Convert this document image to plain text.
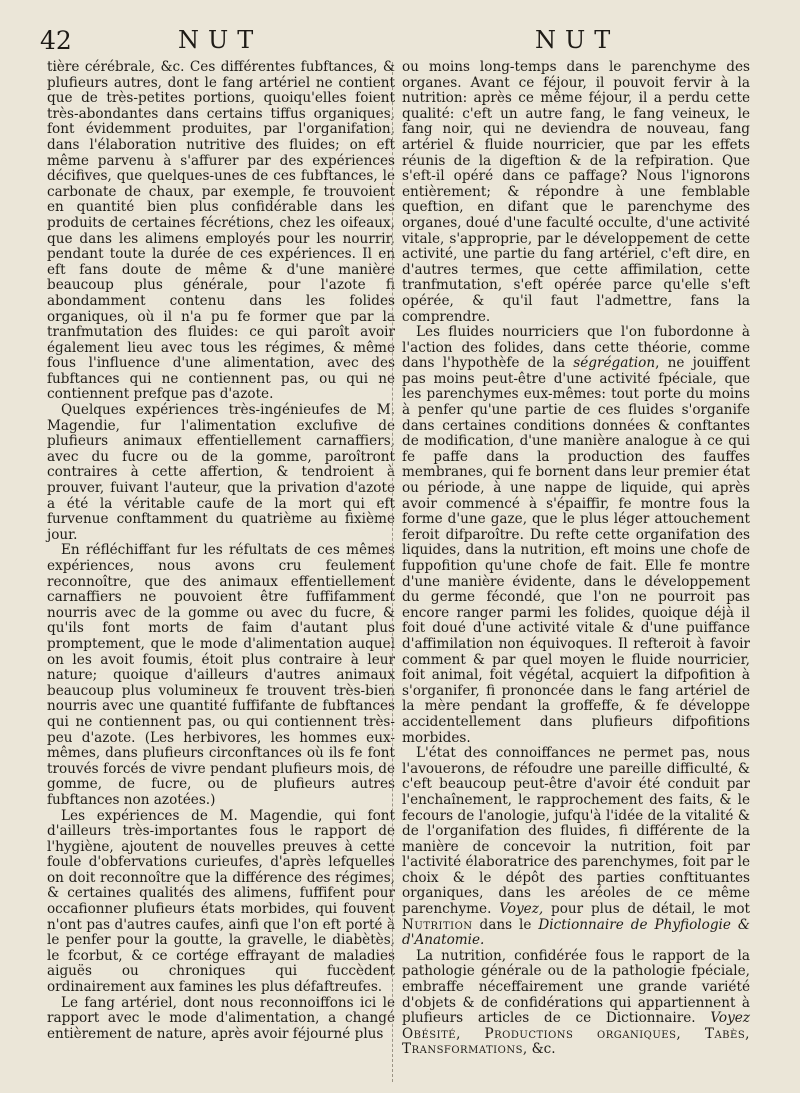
42	NUT	NUT

tière cérébrale, &c. Ces différentes fubftances, & plufieurs autres, dont le fang artériel ne contient que de très-petites portions, quoiqu'elles foient très-abondantes dans certains tiffus organiques, font évidemment produites, par l'organifation, dans l'élaboration nutritive des fluides; on eft même parvenu à s'affurer par des expériences décifives, que quelques-unes de ces fubftances, le carbonate de chaux, par exemple, fe trouvoient en quantité bien plus confidérable dans les produits de certaines fécrétions, chez les oifeaux, que dans les alimens employés pour les nourrir, pendant toute la durée de ces expériences. Il en eft fans doute de même & d'une manière beaucoup plus générale, pour l'azote fi abondamment contenu dans les folides organiques, où il n'a pu fe former que par la tranfmutation des fluides: ce qui paroît avoir également lieu avec tous les régimes, & même fous l'influence d'une alimentation, avec des fubftances qui ne contiennent pas, ou qui ne contiennent prefque pas d'azote.

Quelques expériences très-ingénieufes de M. Magendie, fur l'alimentation exclufive de plufieurs animaux effentiellement carnaffiers, avec du fucre ou de la gomme, paroîtront contraires à cette affertion, & tendroient à prouver, fuivant l'auteur, que la privation d'azote a été la véritable caufe de la mort qui eft furvenue conftamment du quatrième au fixième jour.

En réfléchiffant fur les réfultats de ces mêmes expériences, nous avons cru feulement reconnoître, que des animaux effentiellement carnaffiers ne pouvoient être fuffifamment nourris avec de la gomme ou avec du fucre, & qu'ils font morts de faim d'autant plus promptement, que le mode d'alimentation auquel on les avoit foumis, étoit plus contraire à leur nature; quoique d'ailleurs d'autres animaux beaucoup plus volumineux fe trouvent très-bien nourris avec une quantité fuffifante de fubftances qui ne contiennent pas, ou qui contiennent très-peu d'azote. (Les herbivores, les hommes eux-mêmes, dans plufieurs circonftances où ils fe font trouvés forcés de vivre pendant plufieurs mois, de gomme, de fucre, ou de plufieurs autres fubftances non azotées.)

Les expériences de M. Magendie, qui font d'ailleurs très-importantes fous le rapport de l'hygiène, ajoutent de nouvelles preuves à cette foule d'obfervations curieufes, d'après lefquelles on doit reconnoître que la différence des régimes, & certaines qualités des alimens, fuffifent pour occafionner plufieurs états morbides, qui fouvent n'ont pas d'autres caufes, ainfi que l'on eft porté à le penfer pour la goutte, la gravelle, le diabètès, le fcorbut, & ce cortége effrayant de maladies aiguës ou chroniques qui fuccèdent ordinairement aux famines les plus défaftreufes.

Le fang artériel, dont nous reconnoiffons ici le rapport avec le mode d'alimentation, a changé entièrement de nature, après avoir féjourné plus

ou moins long-temps dans le parenchyme des organes. Avant ce féjour, il pouvoit fervir à la nutrition: après ce même féjour, il a perdu cette qualité: c'eft un autre fang, le fang veineux, le fang noir, qui ne deviendra de nouveau, fang artériel & fluide nourricier, que par les effets réunis de la digeftion & de la refpiration. Que s'eft-il opéré dans ce paffage? Nous l'ignorons entièrement; & répondre à une femblable queftion, en difant que le parenchyme des organes, doué d'une faculté occulte, d'une activité vitale, s'approprie, par le développement de cette activité, une partie du fang artériel, c'eft dire, en d'autres termes, que cette affimilation, cette tranfmutation, s'eft opérée parce qu'elle s'eft opérée, & qu'il faut l'admettre, fans la comprendre.

Les fluides nourriciers que l'on fubordonne à l'action des folides, dans cette théorie, comme dans l'hypothèfe de la ségrégation, ne jouiffent pas moins peut-être d'une activité fpéciale, que les parenchymes eux-mêmes: tout porte du moins à penfer qu'une partie de ces fluides s'organife dans certaines conditions données & conftantes de modification, d'une manière analogue à ce qui fe paffe dans la production des fauffes membranes, qui fe bornent dans leur premier état ou période, à une nappe de liquide, qui après avoir commencé à s'épaiffir, fe montre fous la forme d'une gaze, que le plus léger attouchement feroit difparoître. Du refte cette organifation des liquides, dans la nutrition, eft moins une chofe de fuppofition qu'une chofe de fait. Elle fe montre d'une manière évidente, dans le développement du germe fécondé, que l'on ne pourroit pas encore ranger parmi les folides, quoique déjà il foit doué d'une activité vitale & d'une puiffance d'affimilation non équivoques. Il refteroit à favoir comment & par quel moyen le fluide nourricier, foit animal, foit végétal, acquiert la difpofition à s'organifer, fi prononcée dans le fang artériel de la mère pendant la groffeffe, & fe développe accidentellement dans plufieurs difpofitions morbides.

L'état des connoiffances ne permet pas, nous l'avouerons, de réfoudre une pareille difficulté, & c'eft beaucoup peut-être d'avoir été conduit par l'enchaînement, le rapprochement des faits, & le fecours de l'anologie, jufqu'à l'idée de la vitalité & de l'organifation des fluides, fi différente de la manière de concevoir la nutrition, foit par l'activité élaboratrice des parenchymes, foit par le choix & le dépôt des parties conftituantes organiques, dans les aréoles de ce même parenchyme. Voyez, pour plus de détail, le mot Nutrition dans le Dictionnaire de Phyfiologie & d'Anatomie.

La nutrition, confidérée fous le rapport de la pathologie générale ou de la pathologie fpéciale, embraffe néceffairement une grande variété d'objets & de confidérations qui appartiennent à plufieurs articles de ce Dictionnaire. Voyez Obésité, Productions organiques, Tabès, Transformations, &c.
